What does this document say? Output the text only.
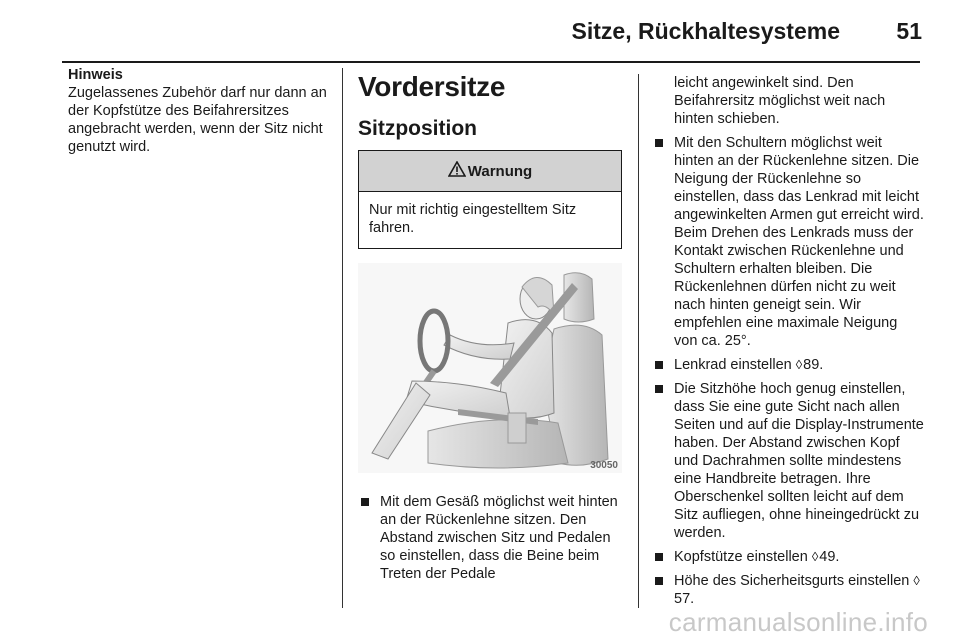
Sitze, Rückhaltesysteme 51
Hinweis
Zugelassenes Zubehör darf nur dann an der Kopfstütze des Beifahrersitzes angebracht werden, wenn der Sitz nicht genutzt wird.
Vordersitze
Sitzposition
Warnung
Nur mit richtig eingestelltem Sitz fahren.
30050
Mit dem Gesäß möglichst weit hinten an der Rückenlehne sitzen. Den Abstand zwischen Sitz und Pedalen so einstellen, dass die Beine beim Treten der Pedale
leicht angewinkelt sind. Den Beifahrersitz möglichst weit nach hinten schieben.
Mit den Schultern möglichst weit hinten an der Rückenlehne sitzen. Die Neigung der Rückenlehne so einstellen, dass das Lenkrad mit leicht angewinkelten Armen gut erreicht wird. Beim Drehen des Lenkrads muss der Kontakt zwischen Rückenlehne und Schultern erhalten bleiben. Die Rückenlehnen dürfen nicht zu weit nach hinten geneigt sein. Wir empfehlen eine maximale Neigung von ca. 25°.
Lenkrad einstellen ◊89.
Die Sitzhöhe hoch genug einstellen, dass Sie eine gute Sicht nach allen Seiten und auf die Display-Instrumente haben. Der Abstand zwischen Kopf und Dachrahmen sollte mindestens eine Handbreite betragen. Ihre Oberschenkel sollten leicht auf dem Sitz aufliegen, ohne hineingedrückt zu werden.
Kopfstütze einstellen ◊49.
Höhe des Sicherheitsgurts einstellen ◊57.
carmanualsonline.info
